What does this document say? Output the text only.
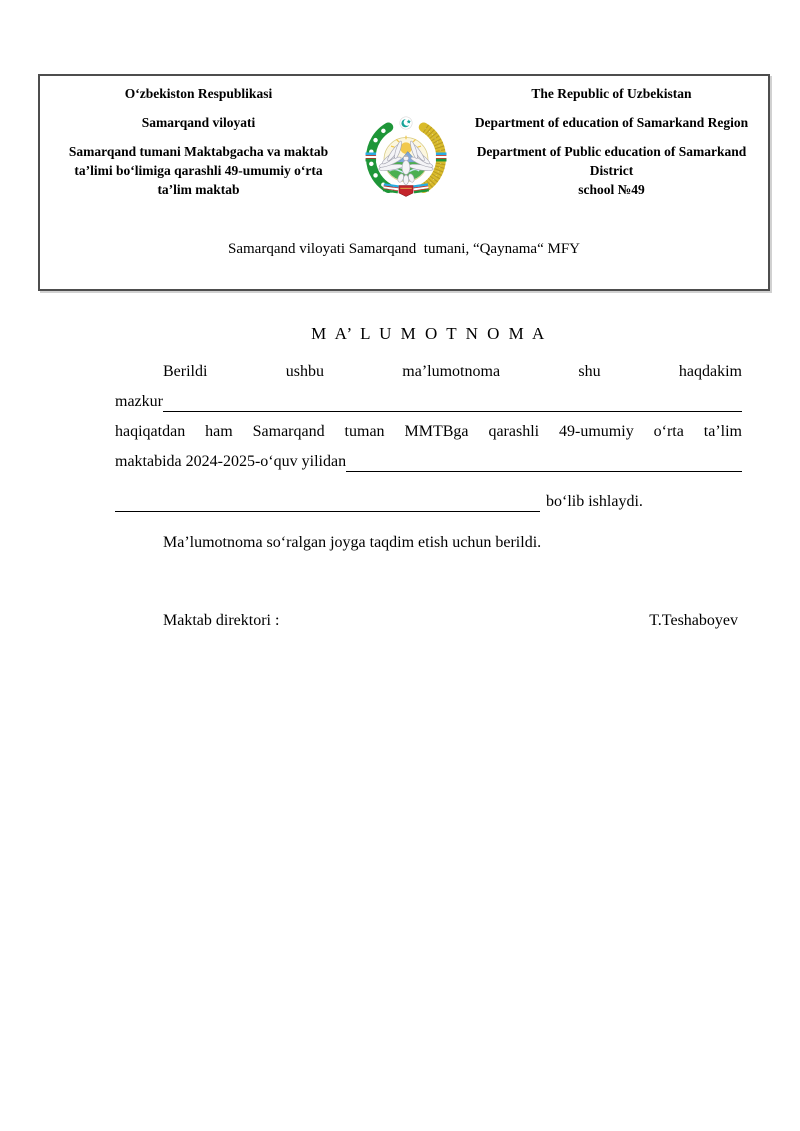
O‘zbekiston Respublikasi

Samarqand viloyati

Samarqand tumani Maktabgacha va maktab ta’limi bo‘limiga qarashli 49-umumiy o‘rta ta’lim maktab

The Republic of Uzbekistan

Department of education of Samarkand Region

Department of Public education of Samarkand District

school №49

Samarqand viloyati Samarqand  tumani, “Qaynama“ MFY

M A’ L U M O T N O M A
Berildi ushbu ma’lumotnoma shu haqdakim
mazkur
haqiqatdan ham Samarqand tuman MMTBga qarashli 49-umumiy o‘rta ta’lim
maktabida 2024-2025-o‘quv yilidan
bo‘lib ishlaydi.
Ma’lumotnoma so‘ralgan joyga taqdim etish uchun berildi.
Maktab direktori :	T.Teshaboyev
